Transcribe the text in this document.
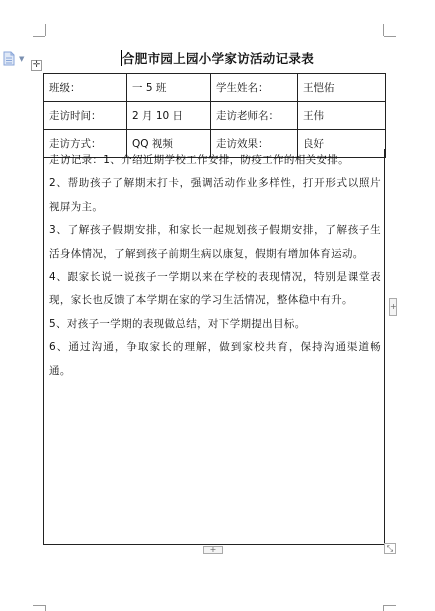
▼
✛	合肥市园上园小学家访活动记录表
班级：	一 5 班	学生姓名：	王恺佑
走访时间：	2 月 10 日	走访老师名：	王伟
走访方式：	QQ 视频	走访效果：	良好

走访记录：1、介绍近期学校工作安排，防疫工作的相关安排。

2、帮助孩子了解期末打卡，强调活动作业多样性，打开形式以照片视屏为主。

3、了解孩子假期安排，和家长一起规划孩子假期安排，了解孩子生活身体情况，了解到孩子前期生病以康复，假期有增加体育运动。

4、跟家长说一说孩子一学期以来在学校的表现情况，特别是课堂表现，家长也反馈了本学期在家的学习生活情况，整体稳中有升。

5、对孩子一学期的表现做总结，对下学期提出目标。

6、通过沟通，争取家长的理解，做到家校共育，保持沟通渠道畅通。

+
+	⤡
